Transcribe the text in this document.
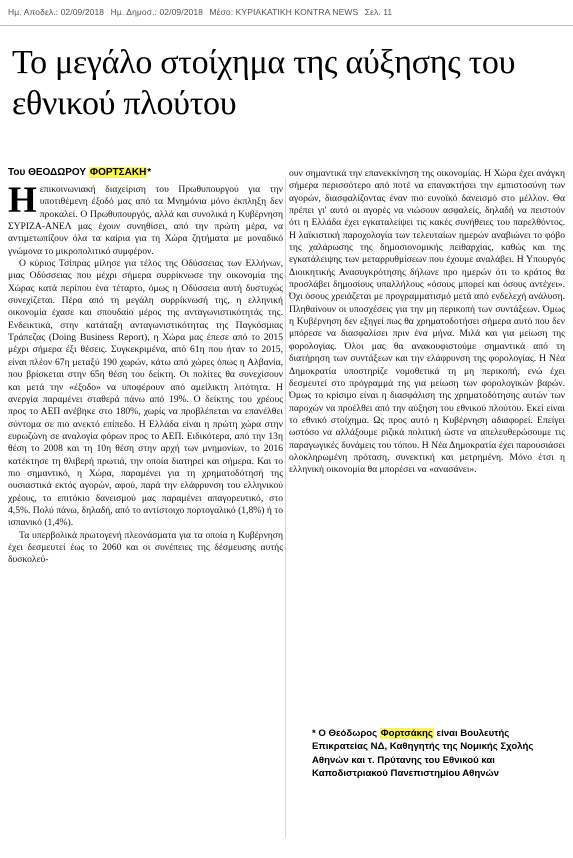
Ημ. Αποδελ.: 02/09/2018 Ημ. Δημοσ.: 02/09/2018 Μέσο: ΚΥΡΙΑΚΑΤΙΚΗ KONTRA NEWS Σελ. 11
Το μεγάλο στοίχημα της αύξησης του εθνικού πλούτου
Του ΘΕΟΔΩΡΟΥ ΦΟΡΤΣΑΚΗ*

Ηεπικοινωνιακή διαχείριση του Πρωθυπουργού για την υποτιθέμενη έξοδό μας από τα Μνημόνια μόνο έκπληξη δεν προκαλεί. Ο Πρωθυπουργός, αλλά και συνολικά η Κυβέρνηση ΣΥΡΙΖΑ-ΑΝΕΛ μας έχουν συνηθίσει, από την πρώτη μέρα, να αντιμετωπίζουν όλα τα καίρια για τη Χώρα ζητήματα με μοναδικό γνώμονα το μικροπολιτικό συμφέρον.

Ο κύριος Τσίπρας μίλησε για τέλος της Οδύσσειας των Ελλήνων, μιας Οδύσσειας που μέχρι σήμερα συρρίκνωσε την οικονομία της Χώρας κατά περίπου ένα τέταρτο, όμως η Οδύσσεια αυτή δυστυχώς συνεχίζεται. Πέρα από τη μεγάλη συρρίκνωσή της, η ελληνική οικονομία έχασε και σπουδαίο μέρος της ανταγωνιστικότητάς της. Ενδεικτικά, στην κατάταξη ανταγωνιστικότητας της Παγκόσμιας Τράπεζας (Doing Business Report), η Χώρα μας έπεσε από το 2015 μέχρι σήμερα έξι θέσεις. Συγκεκριμένα, από 61η που ήταν το 2015, είναι πλέον 67η μεταξύ 190 χωρών, κάτω από χώρες όπως η Αλβανία, που βρίσκεται στην 65η θέση του δείκτη. Οι πολίτες θα συνεχίσουν και μετά την «έξοδο» να υποφέρουν από αμείλικτη λιτότητα. Η ανεργία παραμένει σταθερά πάνω από 19%. Ο δείκτης του χρέους προς το ΑΕΠ ανέβηκε στο 180%, χωρίς να προβλέπεται να επανέλθει σύντομα σε πιο ανεκτό επίπεδο. Η Ελλάδα είναι η πρώτη χώρα στην ευρωζώνη σε αναλογία φόρων προς το ΑΕΠ. Ειδικότερα, από την 13η θέση το 2008 και τη 10η θέση στην αρχή των μνημονίων, το 2016 κατέκτησε τη θλιβερή πρωτιά, την οποία διατηρεί και σήμερα. Και το πιο σημαντικό, η Χώρα, παραμένει για τη χρηματοδότησή της ουσιαστικά εκτός αγορών, αφού, παρά την ελάφρυνση του ελληνικού χρέους, το επιτόκιο δανεισμού μας παραμένει απαγορευτικό, στο 4,5%. Πολύ πάνω, δηλαδή, από το αντίστοιχο πορτογαλικό (1,8%) ή το ισπανικό (1,4%).

Τα υπερβολικά πρωτογενή πλεονάσματα για τα οποία η Κυβέρνηση έχει δεσμευτεί έως το 2060 και οι συνέπειες της δέσμευσης αυτής δυσκολεύ-

ουν σημαντικά την επανεκκίνηση της οικονομίας. Η Χώρα έχει ανάγκη σήμερα περισσότερο από ποτέ να επανακτήσει την εμπιστοσύνη των αγορών, διασφαλίζοντας έναν πιο ευνοϊκό δανεισμό στο μέλλον. Θα πρέπει γι' αυτό οι αγορές να νιώσουν ασφαλείς, δηλαδή να πειστούν ότι η Ελλάδα έχει εγκαταλείψει τις κακές συνήθειες του παρελθόντος. Η λαϊκιστική παροχολογία των τελευταίων ημερών αναβιώνει το φόβο της χαλάρωσης της δημοσιονομικής πειθαρχίας, καθώς και της εγκατάλειψης των μεταρρυθμίσεων που έχουμε αναλάβει. Η Υπουργός Διοικητικής Ανασυγκρότησης δήλωνε προ ημερών ότι το κράτος θα προσλάβει δημοσίους υπαλλήλους «όσους μπορεί και όσους αντέχει». Όχι όσους χρειάζεται με προγραμματισμό μετά από ενδελεχή ανάλυση. Πληθαίνουν οι υποσχέσεις για την μη περικοπή των συντάξεων. Όμως η Κυβέρνηση δεν εξηγεί πως θα χρηματοδοτήσει σήμερα αυτό που δεν μπόρεσε να διασφαλίσει πριν ένα μήνα. Μιλά και για μείωση της φορολογίας. Όλοι μας θα ανακουφιστούμε σημαντικά από τη διατήρηση των συντάξεων και την ελάφρυνση της φορολογίας. Η Νέα Δημοκρατία υποστηρίζε νομοθετικά τη μη περικοπή, ενώ έχει δεσμευτεί στο πρόγραμμά της για μείωση των φορολογικών βαρών. Όμως το κρίσιμο είναι η διασφάλιση της χρηματοδότησης αυτών των παροχών να προέλθει από την αύξηση του εθνικού πλούτου. Εκεί είναι το εθνικό στοίχημα. Ως προς αυτό η Κυβέρνηση αδιαφορεί. Επείγει ωστόσο να αλλάξουμε ριζικά πολιτική ώστε να απελευθερώσουμε τις παραγωγικές δυνάμεις του τόπου. Η Νέα Δημοκρατία έχει παρουσιάσει ολοκληρωμένη πρόταση, συνεκτική και μετρημένη. Μόνο έτσι η ελληνική οικονομία θα μπορέσει να «ανασάνει».

* Ο Θεόδωρος Φορτσάκης είναι Βουλευτής Επικρατείας ΝΔ, Καθηγητής της Νομικής Σχολής Αθηνών και τ. Πρύτανης του Εθνικού και Καποδιστριακού Πανεπιστημίου Αθηνών
